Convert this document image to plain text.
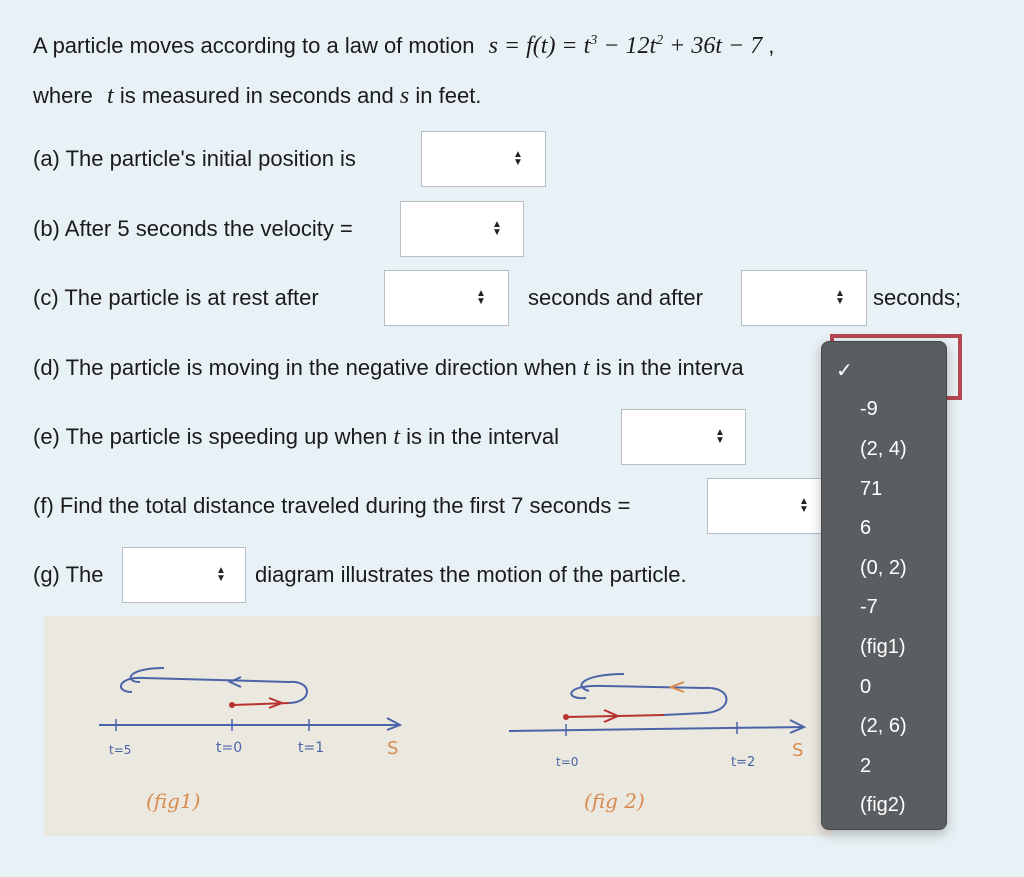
A particle moves according to a law of motion $s = f(t) = t^3 - 12t^2 + 36t - 7$ ,
where t is measured in seconds and s in feet.
(a) The particle's initial position is	▲
▼
(b) After 5 seconds the velocity =	▲
▼
(c) The particle is at rest after	▲
▼ seconds and after	▲
▼ seconds;
(d) The particle is moving in the negative direction when t is in the interva
(e) The particle is speeding up when t is in the interval	▲
▼
(f) Find the total distance traveled during the first 7 seconds =	▲
▼
(g) The	▲
▼ diagram illustrates the motion of the particle.
t=5	t=0	t=1	S
(fig1)
t=0	t=2
S
(fig 2)
✓
-9
(2, 4)
71
6
(0, 2)
-7
(fig1)
0
(2, 6)
2
(fig2)
